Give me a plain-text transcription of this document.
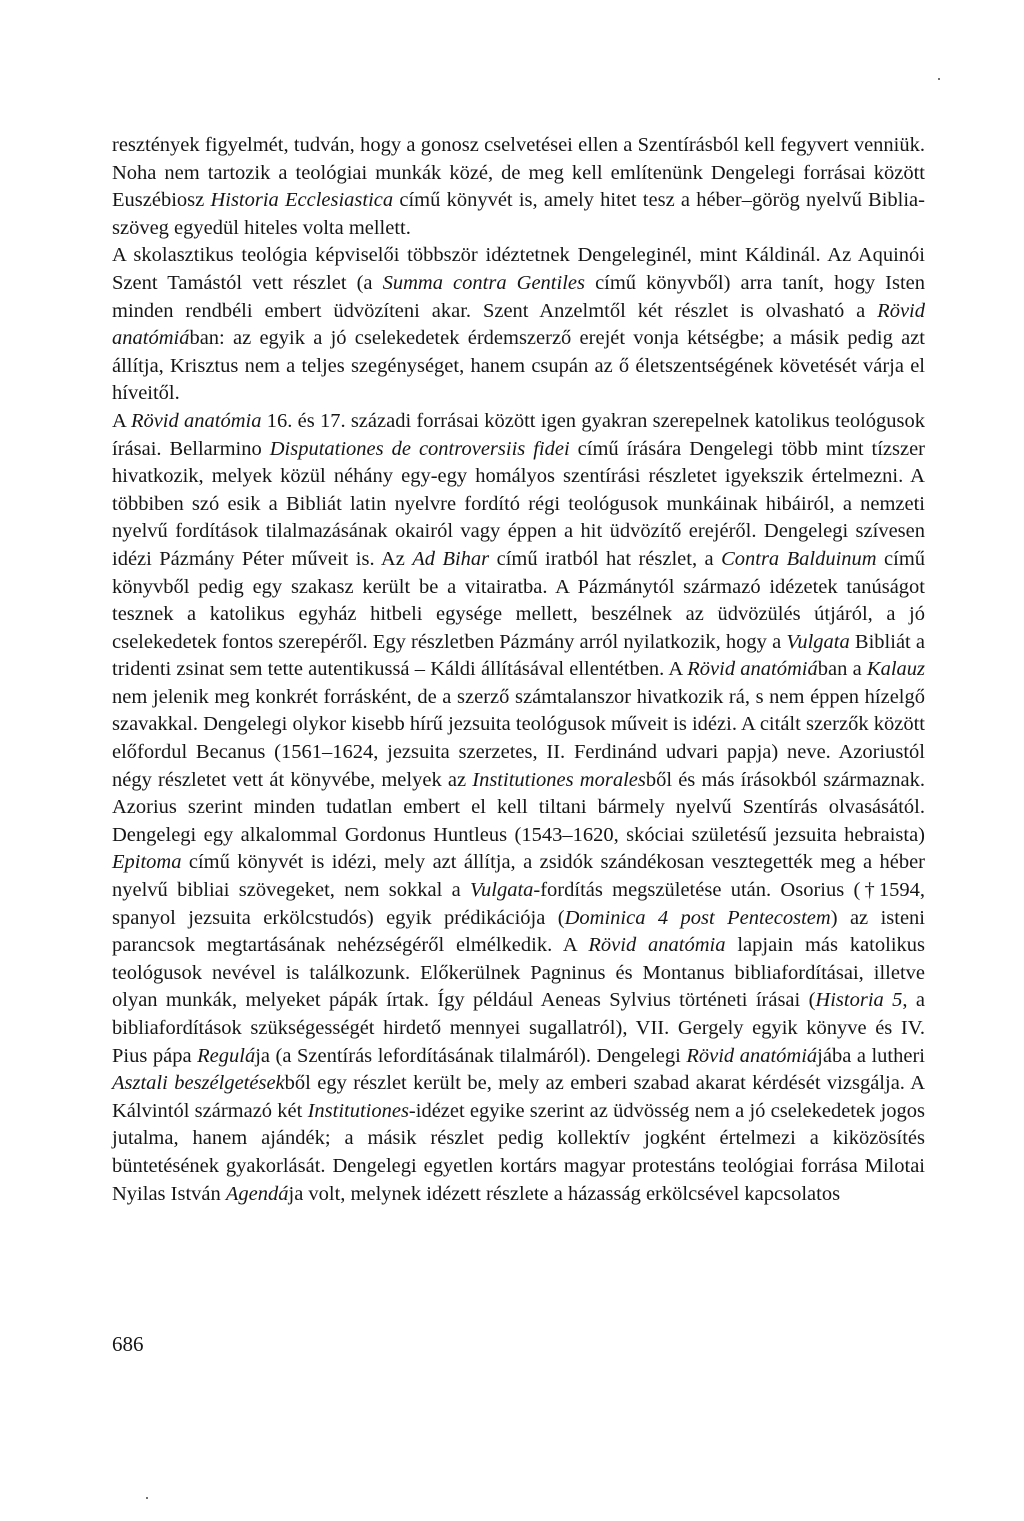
resztények figyelmét, tudván, hogy a gonosz cselvetései ellen a Szentírásból kell fegyvert venniük. Noha nem tartozik a teológiai munkák közé, de meg kell említenünk Dengelegi forrásai között Euszébiosz Historia Ecclesiastica című könyvét is, amely hitet tesz a héber–görög nyelvű Biblia-szöveg egyedül hiteles volta mellett.

A skolasztikus teológia képviselői többször idéztetnek Dengeleginél, mint Káldinál. Az Aquinói Szent Tamástól vett részlet (a Summa contra Gentiles című könyvből) arra tanít, hogy Isten minden rendbéli embert üdvözíteni akar. Szent Anzelmtől két részlet is olvasható a Rövid anatómiában: az egyik a jó cselekedetek érdemszerző erejét vonja kétségbe; a másik pedig azt állítja, Krisztus nem a teljes szegénységet, hanem csupán az ő életszentségének követését várja el híveitől.

A Rövid anatómia 16. és 17. századi forrásai között igen gyakran szerepelnek katolikus teológusok írásai. Bellarmino Disputationes de controversiis fidei című írására Dengelegi több mint tízszer hivatkozik, melyek közül néhány egy-egy homályos szentírási részletet igyekszik értelmezni. A többiben szó esik a Bibliát latin nyelvre fordító régi teológusok munkáinak hibáiról, a nemzeti nyelvű fordítások tilalmazásának okairól vagy éppen a hit üdvözítő erejéről. Dengelegi szívesen idézi Pázmány Péter műveit is. Az Ad Bihar című iratból hat részlet, a Contra Balduinum című könyvből pedig egy szakasz került be a vitairatba. A Pázmánytól származó idézetek tanúságot tesznek a katolikus egyház hitbeli egysége mellett, beszélnek az üdvözülés útjáról, a jó cselekedetek fontos szerepéről. Egy részletben Pázmány arról nyilatkozik, hogy a Vulgata Bibliát a tridenti zsinat sem tette autentikussá – Káldi állításával ellentétben. A Rövid anatómiában a Kalauz nem jelenik meg konkrét forrásként, de a szerző számtalanszor hivatkozik rá, s nem éppen hízelgő szavakkal. Dengelegi olykor kisebb hírű jezsuita teológusok műveit is idézi. A citált szerzők között előfordul Becanus (1561–1624, jezsuita szerzetes, II. Ferdinánd udvari papja) neve. Azoriustól négy részletet vett át könyvébe, melyek az Institutiones moralesből és más írásokból származnak. Azorius szerint minden tudatlan embert el kell tiltani bármely nyelvű Szentírás olvasásától. Dengelegi egy alkalommal Gordonus Huntleus (1543–1620, skóciai születésű jezsuita hebraista) Epitoma című könyvét is idézi, mely azt állítja, a zsidók szándékosan vesztegették meg a héber nyelvű bibliai szövegeket, nem sokkal a Vulgata-fordítás megszületése után. Osorius (†1594, spanyol jezsuita erkölcstudós) egyik prédikációja (Dominica 4 post Pentecostem) az isteni parancsok megtartásának nehézségéről elmélkedik. A Rövid anatómia lapjain más katolikus teológusok nevével is találkozunk. Előkerülnek Pagninus és Montanus bibliafordításai, illetve olyan munkák, melyeket pápák írtak. Így például Aeneas Sylvius történeti írásai (Historia 5, a bibliafordítások szükségességét hirdető mennyei sugallatról), VII. Gergely egyik könyve és IV. Pius pápa Regulája (a Szentírás lefordításának tilalmáról). Dengelegi Rövid anatómiájába a lutheri Asztali beszélgetésekből egy részlet került be, mely az emberi szabad akarat kérdését vizsgálja. A Kálvintól származó két Institutiones-idézet egyike szerint az üdvösség nem a jó cselekedetek jogos jutalma, hanem ajándék; a másik részlet pedig kollektív jogként értelmezi a kiközösítés büntetésének gyakorlását. Dengelegi egyetlen kortárs magyar protestáns teológiai forrása Milotai Nyilas István Agendája volt, melynek idézett részlete a házasság erkölcsével kapcsolatos

686
